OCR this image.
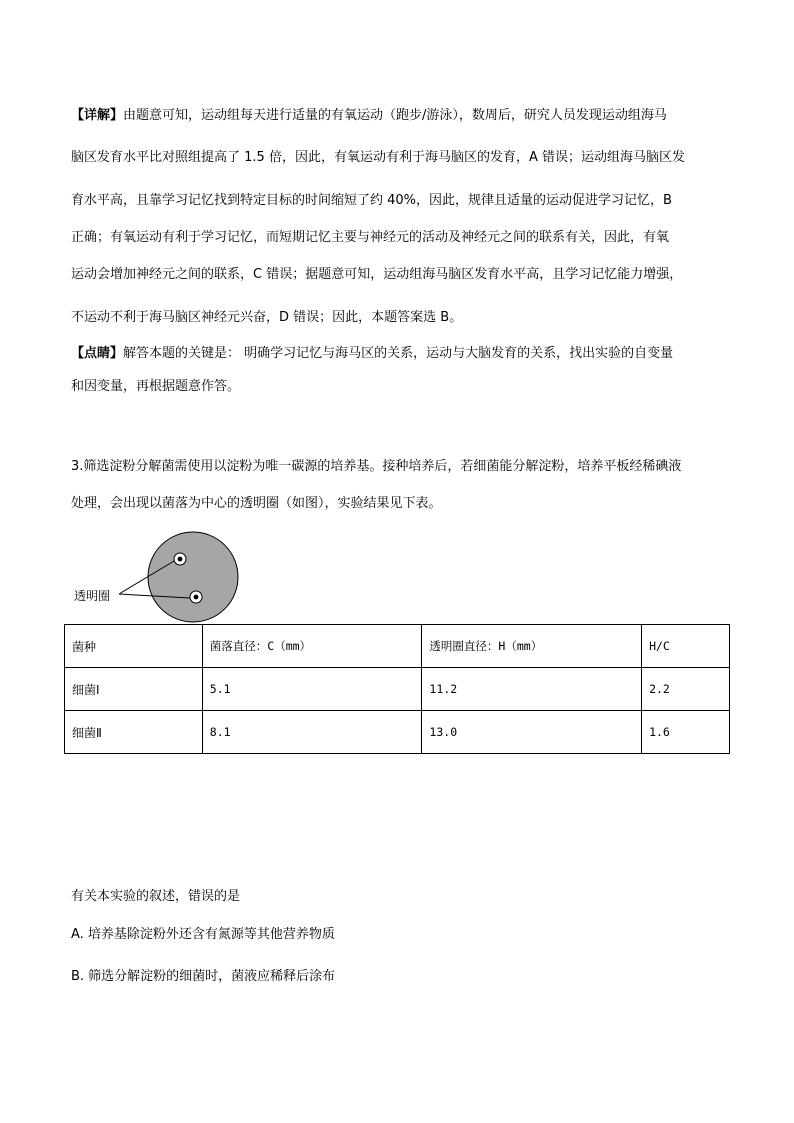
【详解】由题意可知，运动组每天进行适量的有氧运动（跑步/游泳），数周后，研究人员发现运动组海马
脑区发育水平比对照组提高了 1.5 倍，因此，有氧运动有利于海马脑区的发育，A 错误；运动组海马脑区发
育水平高，且靠学习记忆找到特定目标的时间缩短了约 40%，因此，规律且适量的运动促进学习记忆，B
正确；有氧运动有利于学习记忆，而短期记忆主要与神经元的活动及神经元之间的联系有关，因此，有氧
运动会增加神经元之间的联系，C 错误；据题意可知，运动组海马脑区发育水平高，且学习记忆能力增强，
不运动不利于海马脑区神经元兴奋，D 错误；因此，本题答案选 B。
【点睛】解答本题的关键是： 明确学习记忆与海马区的关系，运动与大脑发育的关系，找出实验的自变量
和因变量，再根据题意作答。
3.筛选淀粉分解菌需使用以淀粉为唯一碳源的培养基。接种培养后，若细菌能分解淀粉，培养平板经稀碘液
处理，会出现以菌落为中心的透明圈（如图），实验结果见下表。
透明圈
菌种	菌落直径：C（mm）	透明圈直径：H（mm）	H/C
细菌Ⅰ	5.1	11.2	2.2
细菌Ⅱ	8.1	13.0	1.6
有关本实验的叙述，错误的是
A. 培养基除淀粉外还含有氮源等其他营养物质
B. 筛选分解淀粉的细菌时，菌液应稀释后涂布
